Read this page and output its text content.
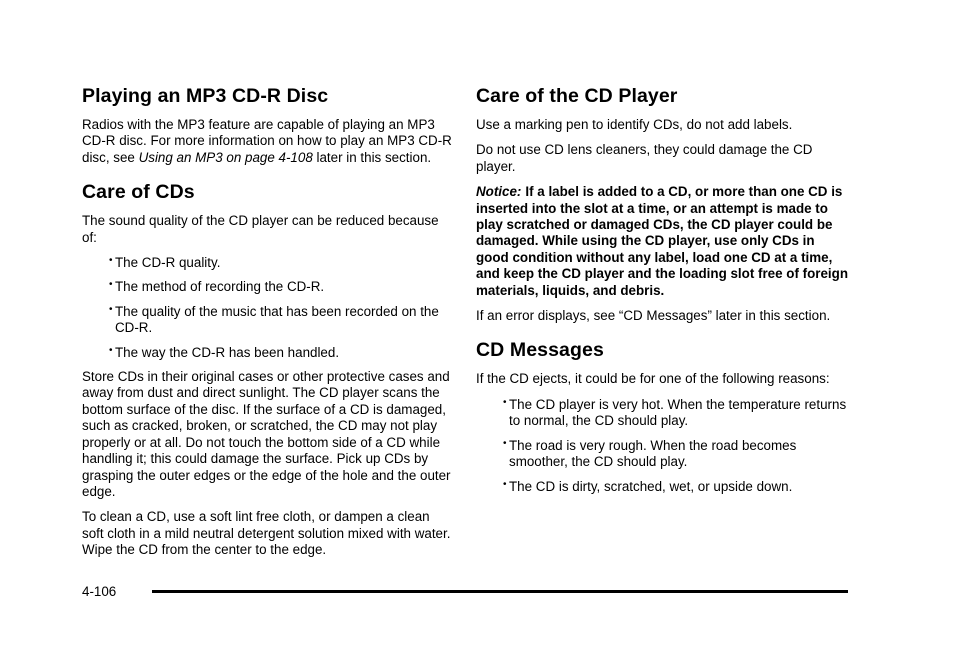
Playing an MP3 CD-R Disc

Radios with the MP3 feature are capable of playing an MP3 CD-R disc. For more information on how to play an MP3 CD-R disc, see Using an MP3 on page 4-108 later in this section.

Care of CDs

The sound quality of the CD player can be reduced because of:

• The CD-R quality.
• The method of recording the CD-R.
• The quality of the music that has been recorded on the CD-R.
• The way the CD-R has been handled.

Store CDs in their original cases or other protective cases and away from dust and direct sunlight. The CD player scans the bottom surface of the disc. If the surface of a CD is damaged, such as cracked, broken, or scratched, the CD may not play properly or at all. Do not touch the bottom side of a CD while handling it; this could damage the surface. Pick up CDs by grasping the outer edges or the edge of the hole and the outer edge.

To clean a CD, use a soft lint free cloth, or dampen a clean soft cloth in a mild neutral detergent solution mixed with water. Wipe the CD from the center to the edge.

Care of the CD Player

Use a marking pen to identify CDs, do not add labels.

Do not use CD lens cleaners, they could damage the CD player.

Notice: If a label is added to a CD, or more than one CD is inserted into the slot at a time, or an attempt is made to play scratched or damaged CDs, the CD player could be damaged. While using the CD player, use only CDs in good condition without any label, load one CD at a time, and keep the CD player and the loading slot free of foreign materials, liquids, and debris.

If an error displays, see “CD Messages” later in this section.

CD Messages

If the CD ejects, it could be for one of the following reasons:

• The CD player is very hot. When the temperature returns to normal, the CD should play.
• The road is very rough. When the road becomes smoother, the CD should play.
• The CD is dirty, scratched, wet, or upside down.
4-106
